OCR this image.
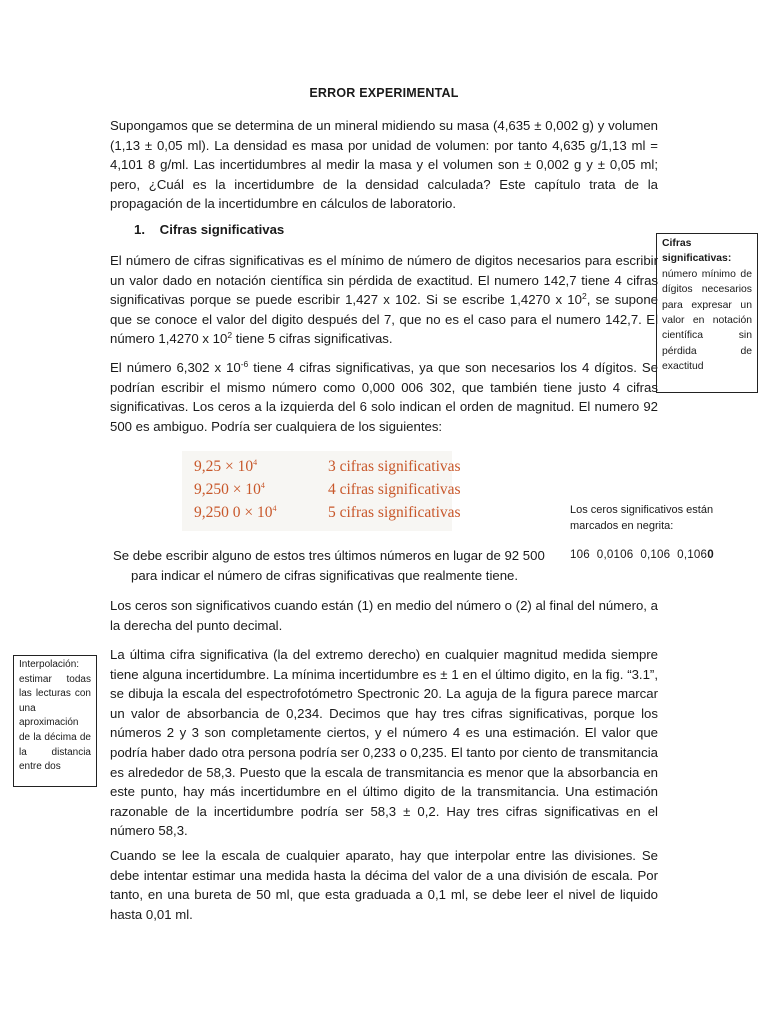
ERROR EXPERIMENTAL

Supongamos que se determina de un mineral midiendo su masa (4,635 ± 0,002 g) y volumen (1,13 ± 0,05 ml). La densidad es masa por unidad de volumen: por tanto 4,635 g/1,13 ml = 4,101 8 g/ml. Las incertidumbres al medir la masa y el volumen son ± 0,002 g y ± 0,05 ml; pero, ¿Cuál es la incertidumbre de la densidad calculada? Este capítulo trata de la propagación de la incertidumbre en cálculos de laboratorio.

1. Cifras significativas

El número de cifras significativas es el mínimo de número de digitos necesarios para escribir un valor dado en notación científica sin pérdida de exactitud. El numero 142,7 tiene 4 cifras significativas porque se puede escribir 1,427 x 102. Si se escribe 1,4270 x $10^2$, se supone que se conoce el valor del digito después del 7, que no es el caso para el numero 142,7. El número 1,4270 x $10^2$ tiene 5 cifras significativas.

El número 6,302 x $10^{-6}$ tiene 4 cifras significativas, ya que son necesarios los 4 dígitos. Se podrían escribir el mismo número como 0,000 006 302, que también tiene justo 4 cifras significativas. Los ceros a la izquierda del 6 solo indican el orden de magnitud. El numero 92 500 es ambiguo. Podría ser cualquiera de los siguientes:

$9,25 \times 10^4$	3 cifras significativas
$9,250 \times 10^4$	4 cifras significativas
9,250 $0 \times 10^4$	5 cifras significativas

Se debe escribir alguno de estos tres últimos números en lugar de 92 500
para indicar el número de cifras significativas que realmente tiene.

Los ceros son significativos cuando están (1) en medio del número o (2) al final del número, a la derecha del punto decimal.

La última cifra significativa (la del extremo derecho) en cualquier magnitud medida siempre tiene alguna incertidumbre. La mínima incertidumbre es ± 1 en el último digito, en la fig. “3.1”, se dibuja la escala del espectrofotómetro Spectronic 20. La aguja de la figura parece marcar un valor de absorbancia de 0,234. Decimos que hay tres cifras significativas, porque los números 2 y 3 son completamente ciertos, y el número 4 es una estimación. El valor que podría haber dado otra persona podría ser 0,233 o 0,235. El tanto por ciento de transmitancia es alrededor de 58,3. Puesto que la escala de transmitancia es menor que la absorbancia en este punto, hay más incertidumbre en el último digito de la transmitancia. Una estimación razonable de la incertidumbre podría ser 58,3 ± 0,2. Hay tres cifras significativas en el número 58,3.

Cuando se lee la escala de cualquier aparato, hay que interpolar entre las divisiones. Se debe intentar estimar una medida hasta la décima del valor de a una división de escala. Por tanto, en una bureta de 50 ml, que esta graduada a 0,1 ml, se debe leer el nivel de liquido hasta 0,01 ml.

Cifras significativas:
número mínimo de dígitos necesarios para expresar un valor en notación científica sin pérdida de exactitud
Los ceros significativos están marcados en negrita:
106 0,0106 0,106 0,1060
Interpolación: estimar todas las lecturas con una aproximación de la décima de la distancia entre dos
